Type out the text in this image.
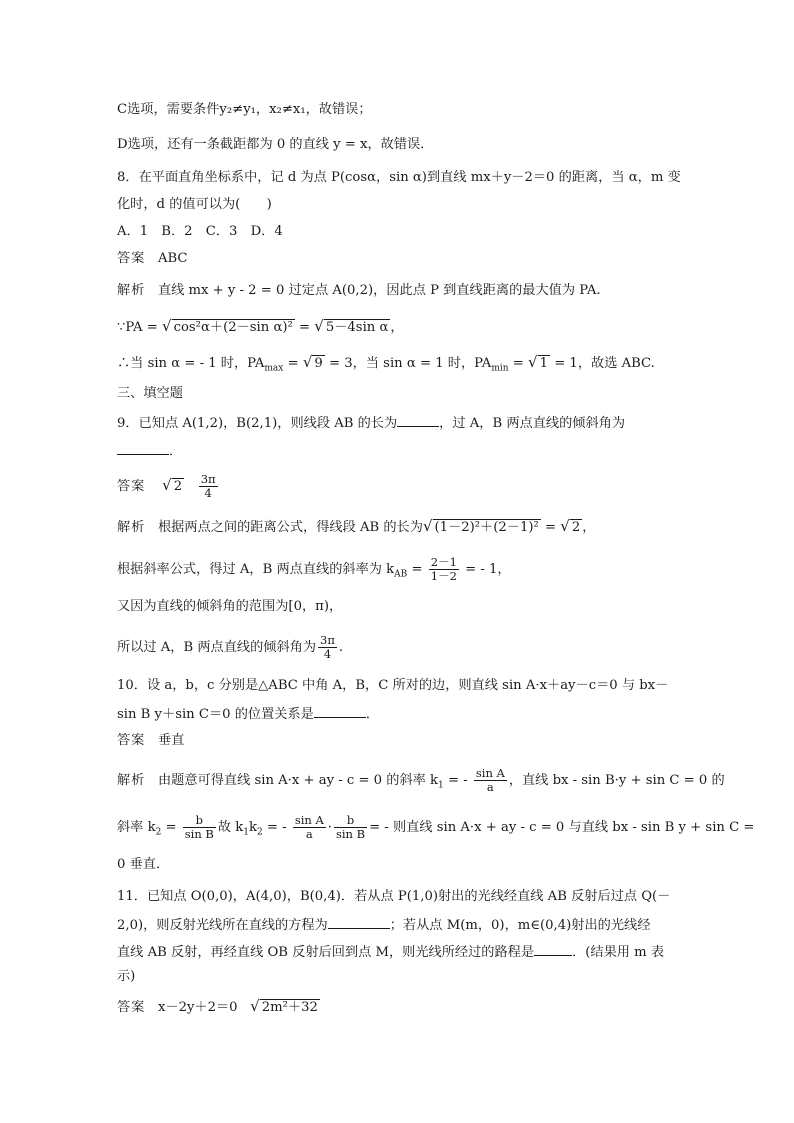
C选项，需要条件y₂≠y₁，x₂≠x₁，故错误；
D选项，还有一条截距都为 0 的直线 y = x，故错误．
8．在平面直角坐标系中，记 d 为点 P(cosα，sin α)到直线 mx＋y－2＝0 的距离，当 α，m 变
化时，d 的值可以为(　　)
A．1　B．2　C．3　D．4
答案 ABC
解析 直线 mx + y - 2 = 0 过定点 A(0,2)，因此点 P 到直线距离的最大值为 PA.
∵PA = √ cos²α＋(2－sin α)² = √ 5－4sin α ，
∴当 sin α = - 1 时，$PA_{max}$ = √ 9 = 3，当 sin α = 1 时，$PA_{min}$ = √ 1 = 1，故选 ABC.
三、填空题
9．已知点 A(1,2)，B(2,1)，则线段 AB 的长为	，过 A，B 两点直线的倾斜角为
．
答案 √ $2 \frac{3\pi}{4}$
解析 根据两点之间的距离公式，得线段 AB 的长为√ (1－2)²＋(2－1)² = √ 2 ，
根据斜率公式，得过 A，B 两点直线的斜率为 $k_{AB} = \frac{2-1}{1-2}$ = - 1，
又因为直线的倾斜角的范围为[0，π)，
所以过 A，B 两点直线的倾斜角为 $\frac{3\pi}{4}$ .
10．设 a，b，c 分别是△ABC 中角 A，B，C 所对的边，则直线 sin A·x＋ay－c＝0 与 bx－
sin B y＋sin C＝0 的位置关系是	．
答案 垂直
解析 由题意可得直线 sin A·x + ay - c = 0 的斜率 $k_1$ = - $\frac{\text{sin A}}{a}$ ，直线 bx - sin B·y + sin C = 0 的
斜率 $k_2 = \frac{b}{\text{sin B}}$ 故 $k_1k_2$ = - $\frac{\text{sin A}}{a} \cdot \frac{b}{\text{sin B}}$ = - 则直线 sin A·x + ay - c = 0 与直线 bx - sin B y + sin C =
0 垂直．
11．已知点 O(0,0)，A(4,0)，B(0,4)．若从点 P(1,0)射出的光线经直线 AB 反射后过点 Q(－
2,0)，则反射光线所在直线的方程为	；若从点 M(m，0)，m∈(0,4)射出的光线经
直线 AB 反射，再经直线 OB 反射后回到点 M，则光线所经过的路程是	．(结果用 m 表
示)
答案 x－2y＋2＝0 √ 2m²＋32
